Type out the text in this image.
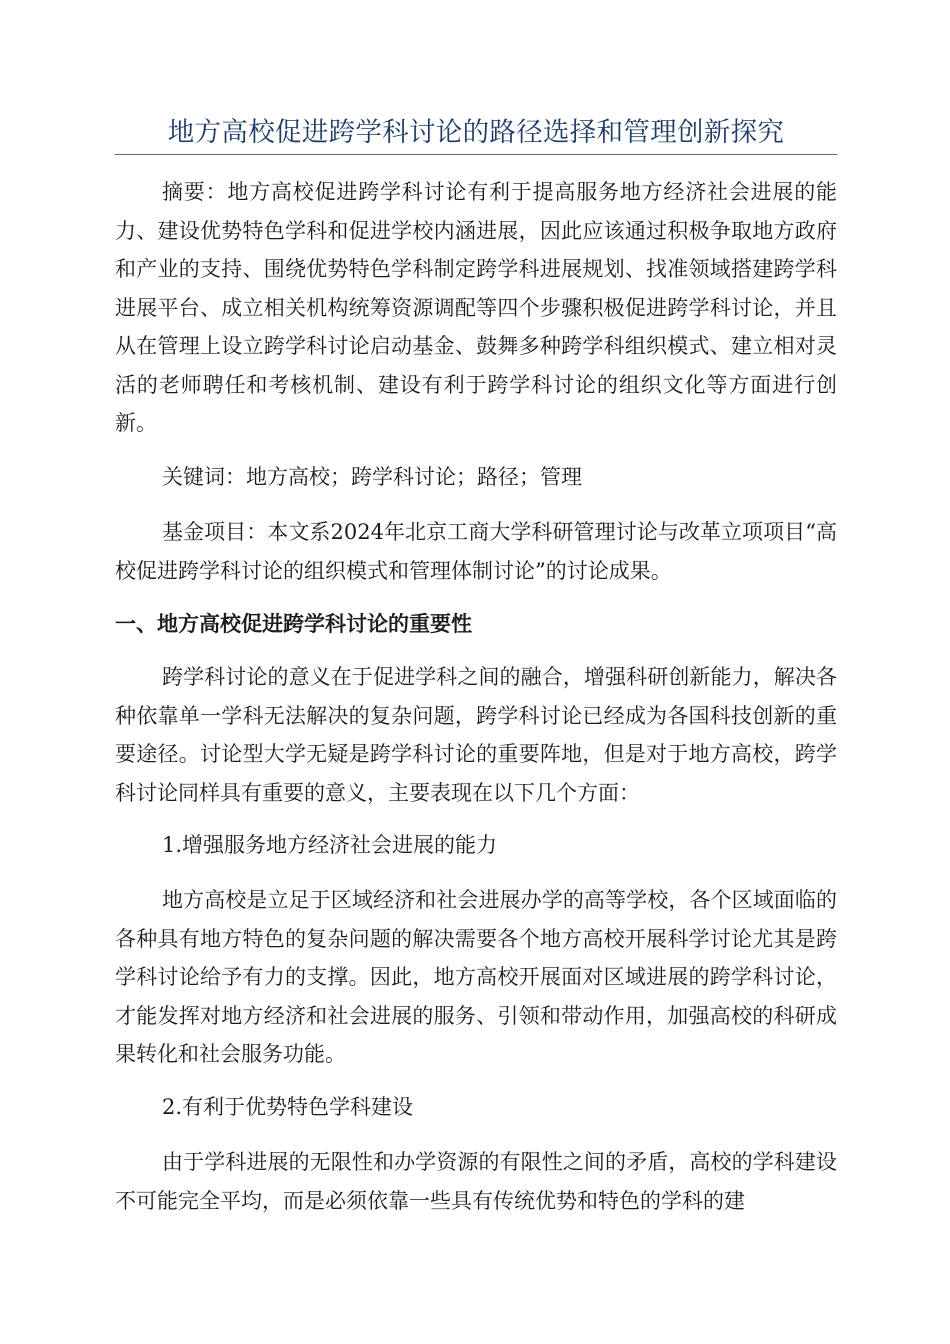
地方高校促进跨学科讨论的路径选择和管理创新探究

摘要：地方高校促进跨学科讨论有利于提高服务地方经济社会进展的能力、建设优势特色学科和促进学校内涵进展，因此应该通过积极争取地方政府和产业的支持、围绕优势特色学科制定跨学科进展规划、找准领域搭建跨学科进展平台、成立相关机构统筹资源调配等四个步骤积极促进跨学科讨论，并且从在管理上设立跨学科讨论启动基金、鼓舞多种跨学科组织模式、建立相对灵活的老师聘任和考核机制、建设有利于跨学科讨论的组织文化等方面进行创新。

关键词：地方高校；跨学科讨论；路径；管理

基金项目：本文系2024年北京工商大学科研管理讨论与改革立项项目“高校促进跨学科讨论的组织模式和管理体制讨论”的讨论成果。

一、地方高校促进跨学科讨论的重要性

跨学科讨论的意义在于促进学科之间的融合，增强科研创新能力，解决各种依靠单一学科无法解决的复杂问题，跨学科讨论已经成为各国科技创新的重要途径。讨论型大学无疑是跨学科讨论的重要阵地，但是对于地方高校，跨学科讨论同样具有重要的意义，主要表现在以下几个方面：

1.增强服务地方经济社会进展的能力

地方高校是立足于区域经济和社会进展办学的高等学校，各个区域面临的各种具有地方特色的复杂问题的解决需要各个地方高校开展科学讨论尤其是跨学科讨论给予有力的支撑。因此，地方高校开展面对区域进展的跨学科讨论，才能发挥对地方经济和社会进展的服务、引领和带动作用，加强高校的科研成果转化和社会服务功能。

2.有利于优势特色学科建设

由于学科进展的无限性和办学资源的有限性之间的矛盾，高校的学科建设不可能完全平均，而是必须依靠一些具有传统优势和特色的学科的建
